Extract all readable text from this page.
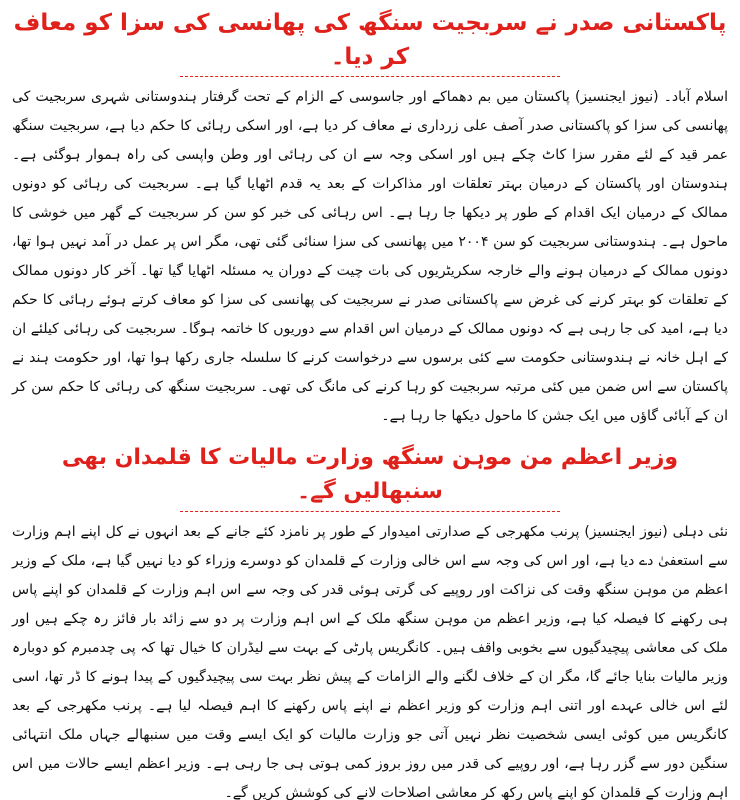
پاکستانی صدر نے سربجیت سنگھ کی پھانسی کی سزا کو معاف کر دیا۔

اسلام آباد۔ (نیوز ایجنسیز) پاکستان میں بم دھماکے اور جاسوسی کے الزام کے تحت گرفتار ہندوستانی شہری سربجیت کی پھانسی کی سزا کو پاکستانی صدر آصف علی زرداری نے معاف کر دیا ہے، اور اسکی رہائی کا حکم دیا ہے، سربجیت سنگھ عمر قید کے لئے مقرر سزا کاٹ چکے ہیں اور اسکی وجہ سے ان کی رہائی اور وطن واپسی کی راہ ہموار ہوگئی ہے۔ ہندوستان اور پاکستان کے درمیان بہتر تعلقات اور مذاکرات کے بعد یہ قدم اٹھایا گیا ہے۔ سربجیت کی رہائی کو دونوں ممالک کے درمیان ایک اقدام کے طور پر دیکھا جا رہا ہے۔ اس رہائی کی خبر کو سن کر سربجیت کے گھر میں خوشی کا ماحول ہے۔ ہندوستانی سربجیت کو سن ۲۰۰۴ میں پھانسی کی سزا سنائی گئی تھی، مگر اس پر عمل در آمد نہیں ہوا تھا، دونوں ممالک کے درمیان ہونے والے خارجہ سکریٹریوں کی بات چیت کے دوران یہ مسئلہ اٹھایا گیا تھا۔ آخر کار دونوں ممالک کے تعلقات کو بہتر کرنے کی غرض سے پاکستانی صدر نے سربجیت کی پھانسی کی سزا کو معاف کرتے ہوئے رہائی کا حکم دیا ہے، امید کی جا رہی ہے کہ دونوں ممالک کے درمیان اس اقدام سے دوریوں کا خاتمہ ہوگا۔ سربجیت کی رہائی کیلئے ان کے اہل خانہ نے ہندوستانی حکومت سے کئی برسوں سے درخواست کرنے کا سلسلہ جاری رکھا ہوا تھا، اور حکومت ہند نے پاکستان سے اس ضمن میں کئی مرتبہ سربجیت کو رہا کرنے کی مانگ کی تھی۔ سربجیت سنگھ کی رہائی کا حکم سن کر ان کے آبائی گاؤں میں ایک جشن کا ماحول دیکھا جا رہا ہے۔

وزیر اعظم من موہن سنگھ وزارت مالیات کا قلمدان بھی سنبھالیں گے۔

نئی دہلی (نیوز ایجنسیز) پرنب مکھرجی کے صدارتی امیدوار کے طور پر نامزد کئے جانے کے بعد انہوں نے کل اپنے اہم وزارت سے استعفیٰ دے دیا ہے، اور اس کی وجہ سے اس خالی وزارت کے قلمدان کو دوسرے وزراء کو دیا نہیں گیا ہے، ملک کے وزیر اعظم من موہن سنگھ وقت کی نزاکت اور روپیے کی گرتی ہوئی قدر کی وجہ سے اس اہم وزارت کے قلمدان کو اپنے پاس ہی رکھنے کا فیصلہ کیا ہے، وزیر اعظم من موہن سنگھ ملک کے اس اہم وزارت پر دو سے زائد بار فائز رہ چکے ہیں اور ملک کی معاشی پیچیدگیوں سے بخوبی واقف ہیں۔ کانگریس پارٹی کے بہت سے لیڈران کا خیال تھا کہ پی چدمبرم کو دوبارہ وزیر مالیات بنایا جائے گا، مگر ان کے خلاف لگنے والے الزامات کے پیش نظر بہت سی پیچیدگیوں کے پیدا ہونے کا ڈر تھا، اسی لئے اس خالی عہدے اور اتنی اہم وزارت کو وزیر اعظم نے اپنے پاس رکھنے کا اہم فیصلہ لیا ہے۔ پرنب مکھرجی کے بعد کانگریس میں کوئی ایسی شخصیت نظر نہیں آتی جو وزارت مالیات کو ایک ایسے وقت میں سنبھالے جہاں ملک انتہائی سنگین دور سے گزر رہا ہے، اور روپیے کی قدر میں روز بروز کمی ہوتی ہی جا رہی ہے۔ وزیر اعظم ایسے حالات میں اس اہم وزارت کے قلمدان کو اپنے پاس رکھ کر معاشی اصلاحات لانے کی کوشش کریں گے۔
